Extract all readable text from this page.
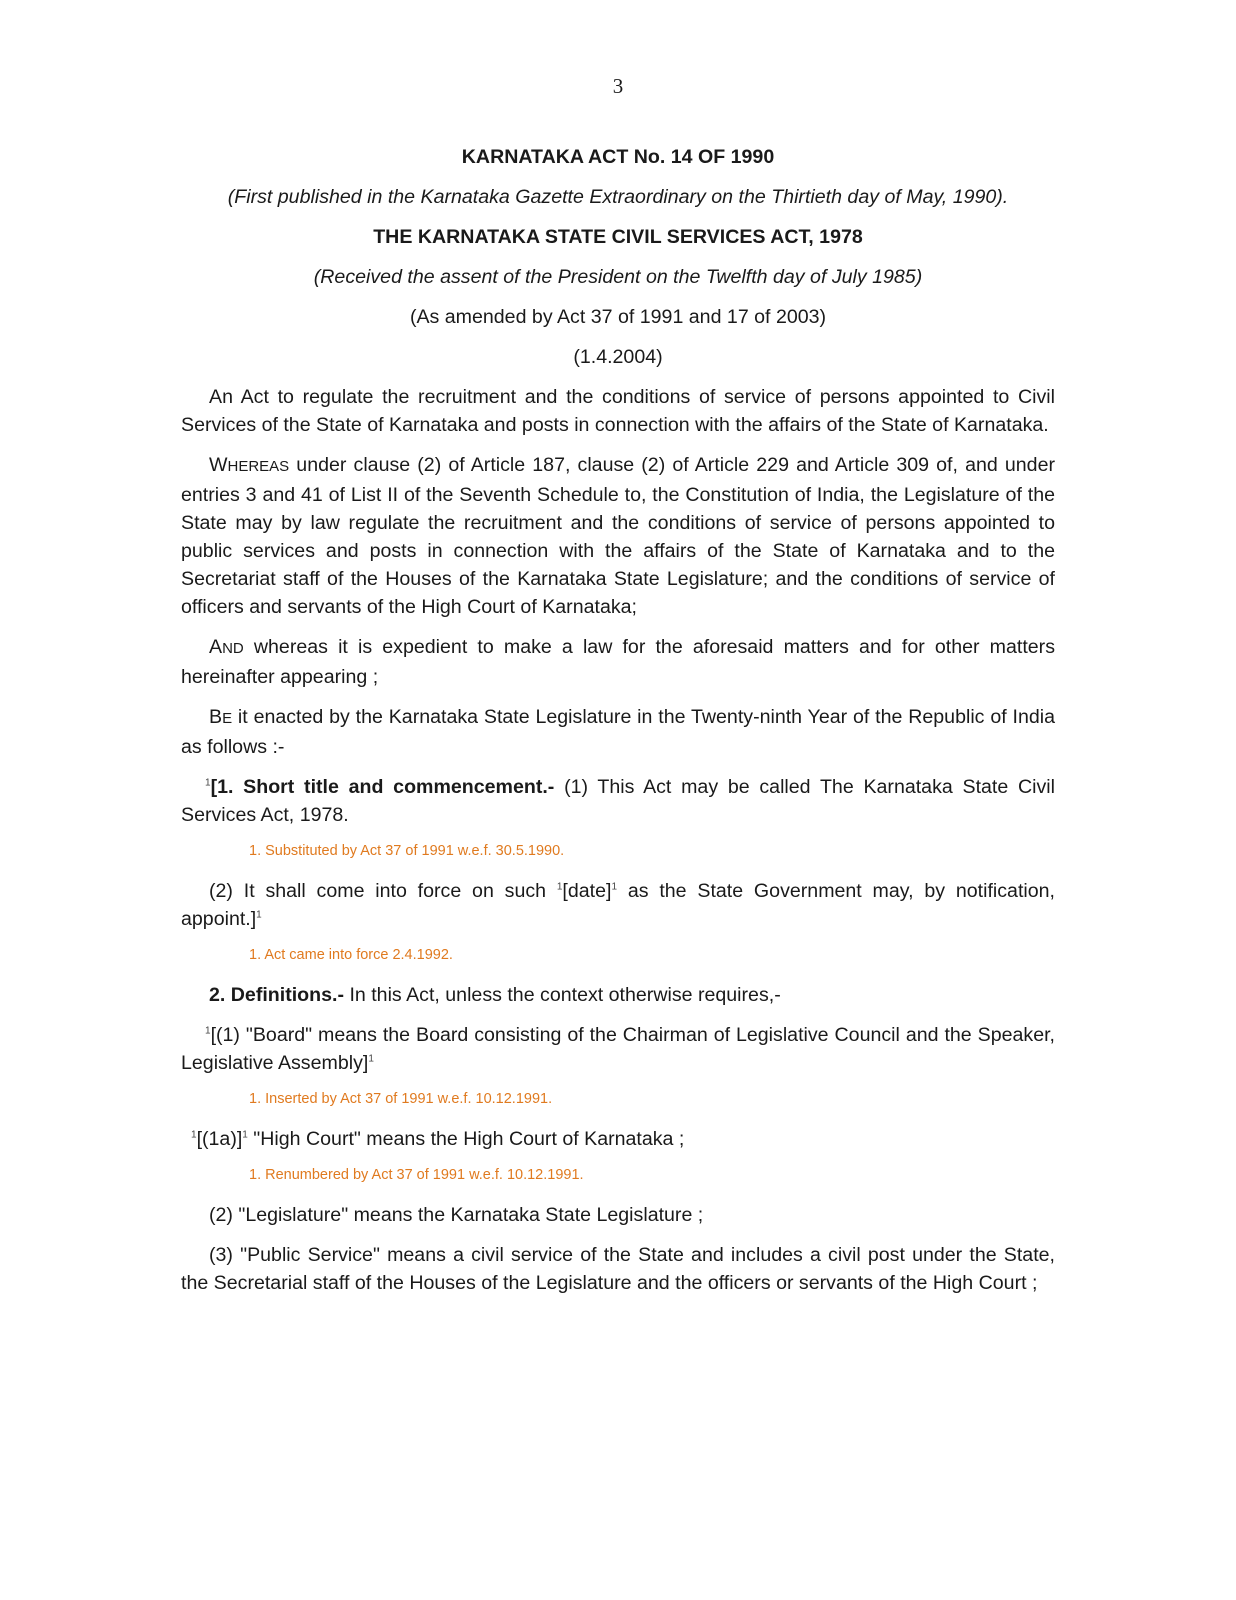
3
KARNATAKA ACT No. 14 OF 1990
(First published in the Karnataka Gazette Extraordinary on the Thirtieth day of May, 1990).
THE KARNATAKA STATE CIVIL SERVICES ACT, 1978
(Received the assent of the President on the Twelfth day of July 1985)
(As amended by Act 37 of 1991 and 17 of 2003)
(1.4.2004)

An Act to regulate the recruitment and the conditions of service of persons appointed to Civil Services of the State of Karnataka and posts in connection with the affairs of the State of Karnataka.

WHEREAS under clause (2) of Article 187, clause (2) of Article 229 and Article 309 of, and under entries 3 and 41 of List II of the Seventh Schedule to, the Constitution of India, the Legislature of the State may by law regulate the recruitment and the conditions of service of persons appointed to public services and posts in connection with the affairs of the State of Karnataka and to the Secretariat staff of the Houses of the Karnataka State Legislature; and the conditions of service of officers and servants of the High Court of Karnataka;

AND whereas it is expedient to make a law for the aforesaid matters and for other matters hereinafter appearing ;

BE it enacted by the Karnataka State Legislature in the Twenty-ninth Year of the Republic of India as follows :-

$^1$[1. Short title and commencement.- (1) This Act may be called The Karnataka State Civil Services Act, 1978.

1. Substituted by Act 37 of 1991 w.e.f. 30.5.1990.

(2) It shall come into force on such $^1$[date]$^1$ as the State Government may, by notification, appoint.]$^1$

1. Act came into force 2.4.1992.

2. Definitions.- In this Act, unless the context otherwise requires,-

$^1$[(1) "Board" means the Board consisting of the Chairman of Legislative Council and the Speaker, Legislative Assembly]$^1$

1. Inserted by Act 37 of 1991 w.e.f. 10.12.1991.

$^1[(1a)]^1$ "High Court" means the High Court of Karnataka ;

1. Renumbered by Act 37 of 1991 w.e.f. 10.12.1991.

(2) "Legislature" means the Karnataka State Legislature ;

(3) "Public Service" means a civil service of the State and includes a civil post under the State, the Secretarial staff of the Houses of the Legislature and the officers or servants of the High Court ;
